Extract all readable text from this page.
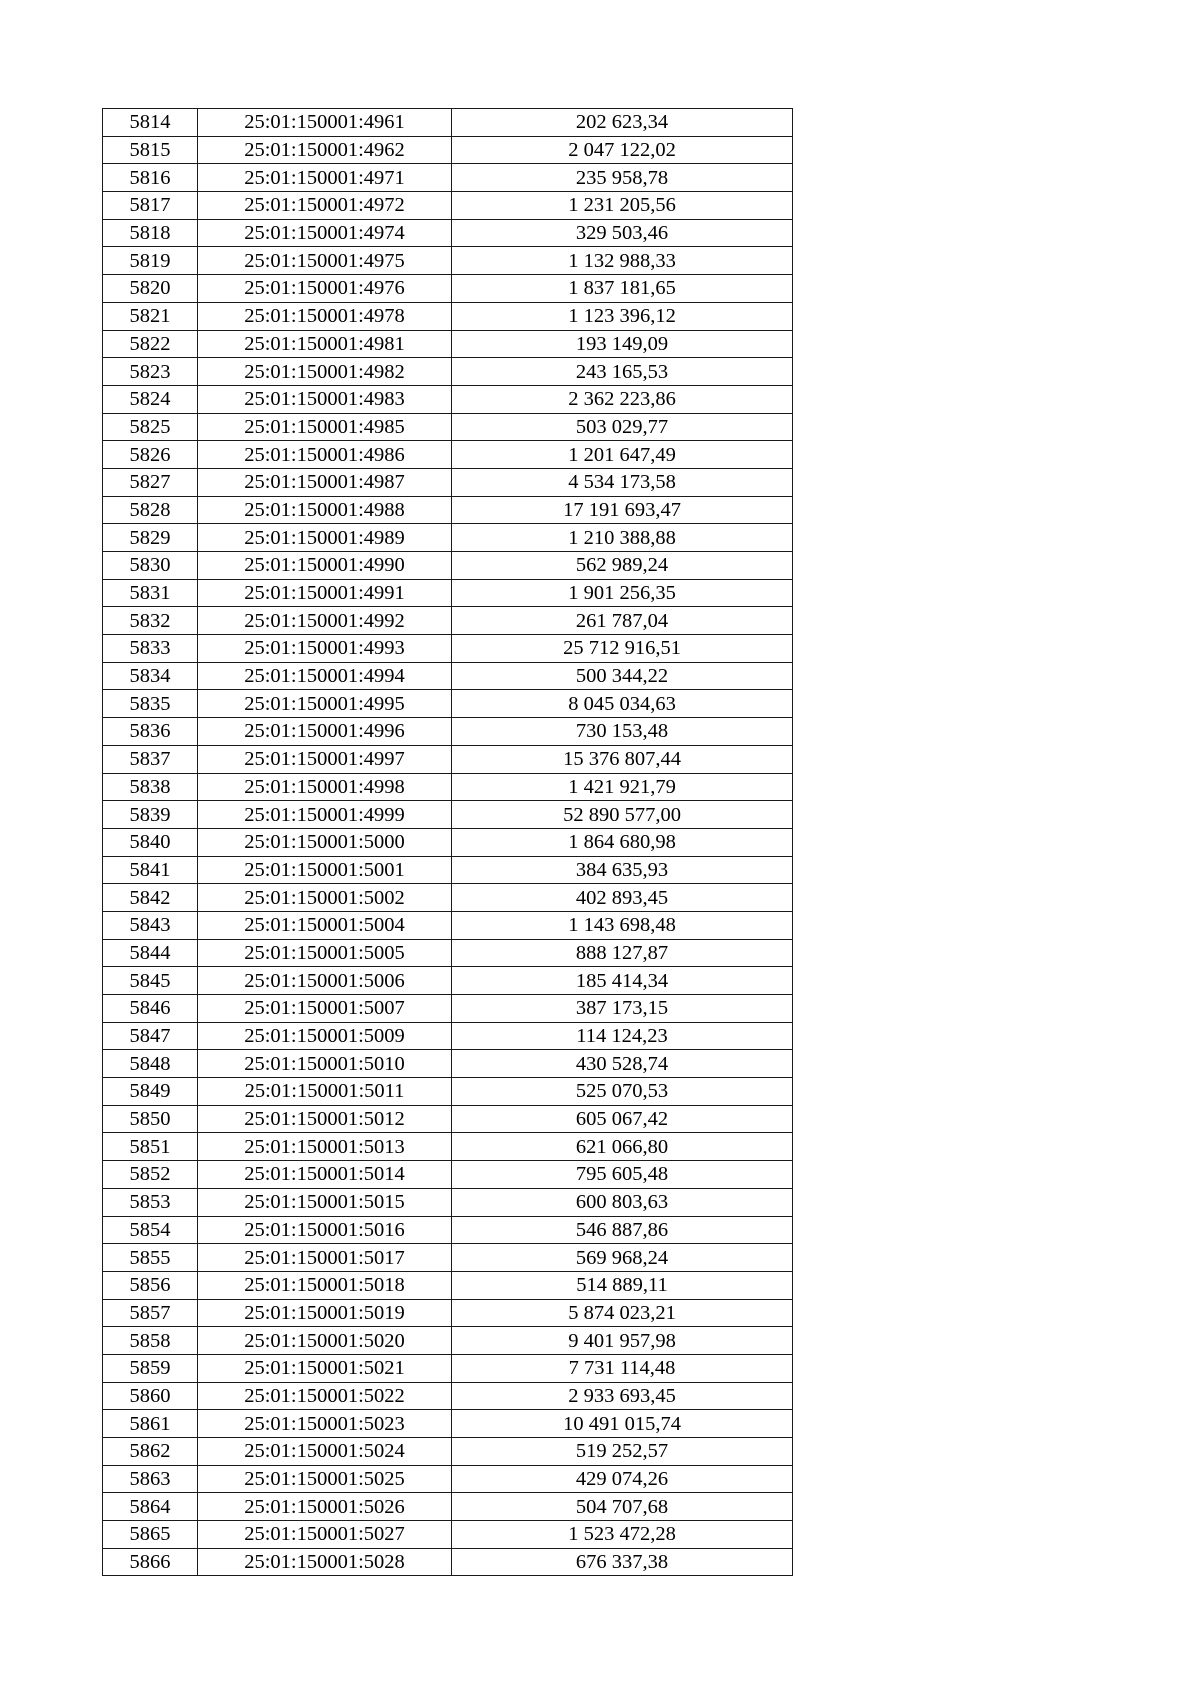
5814	25:01:150001:4961	202 623,34
5815	25:01:150001:4962	2 047 122,02
5816	25:01:150001:4971	235 958,78
5817	25:01:150001:4972	1 231 205,56
5818	25:01:150001:4974	329 503,46
5819	25:01:150001:4975	1 132 988,33
5820	25:01:150001:4976	1 837 181,65
5821	25:01:150001:4978	1 123 396,12
5822	25:01:150001:4981	193 149,09
5823	25:01:150001:4982	243 165,53
5824	25:01:150001:4983	2 362 223,86
5825	25:01:150001:4985	503 029,77
5826	25:01:150001:4986	1 201 647,49
5827	25:01:150001:4987	4 534 173,58
5828	25:01:150001:4988	17 191 693,47
5829	25:01:150001:4989	1 210 388,88
5830	25:01:150001:4990	562 989,24
5831	25:01:150001:4991	1 901 256,35
5832	25:01:150001:4992	261 787,04
5833	25:01:150001:4993	25 712 916,51
5834	25:01:150001:4994	500 344,22
5835	25:01:150001:4995	8 045 034,63
5836	25:01:150001:4996	730 153,48
5837	25:01:150001:4997	15 376 807,44
5838	25:01:150001:4998	1 421 921,79
5839	25:01:150001:4999	52 890 577,00
5840	25:01:150001:5000	1 864 680,98
5841	25:01:150001:5001	384 635,93
5842	25:01:150001:5002	402 893,45
5843	25:01:150001:5004	1 143 698,48
5844	25:01:150001:5005	888 127,87
5845	25:01:150001:5006	185 414,34
5846	25:01:150001:5007	387 173,15
5847	25:01:150001:5009	114 124,23
5848	25:01:150001:5010	430 528,74
5849	25:01:150001:5011	525 070,53
5850	25:01:150001:5012	605 067,42
5851	25:01:150001:5013	621 066,80
5852	25:01:150001:5014	795 605,48
5853	25:01:150001:5015	600 803,63
5854	25:01:150001:5016	546 887,86
5855	25:01:150001:5017	569 968,24
5856	25:01:150001:5018	514 889,11
5857	25:01:150001:5019	5 874 023,21
5858	25:01:150001:5020	9 401 957,98
5859	25:01:150001:5021	7 731 114,48
5860	25:01:150001:5022	2 933 693,45
5861	25:01:150001:5023	10 491 015,74
5862	25:01:150001:5024	519 252,57
5863	25:01:150001:5025	429 074,26
5864	25:01:150001:5026	504 707,68
5865	25:01:150001:5027	1 523 472,28
5866	25:01:150001:5028	676 337,38
